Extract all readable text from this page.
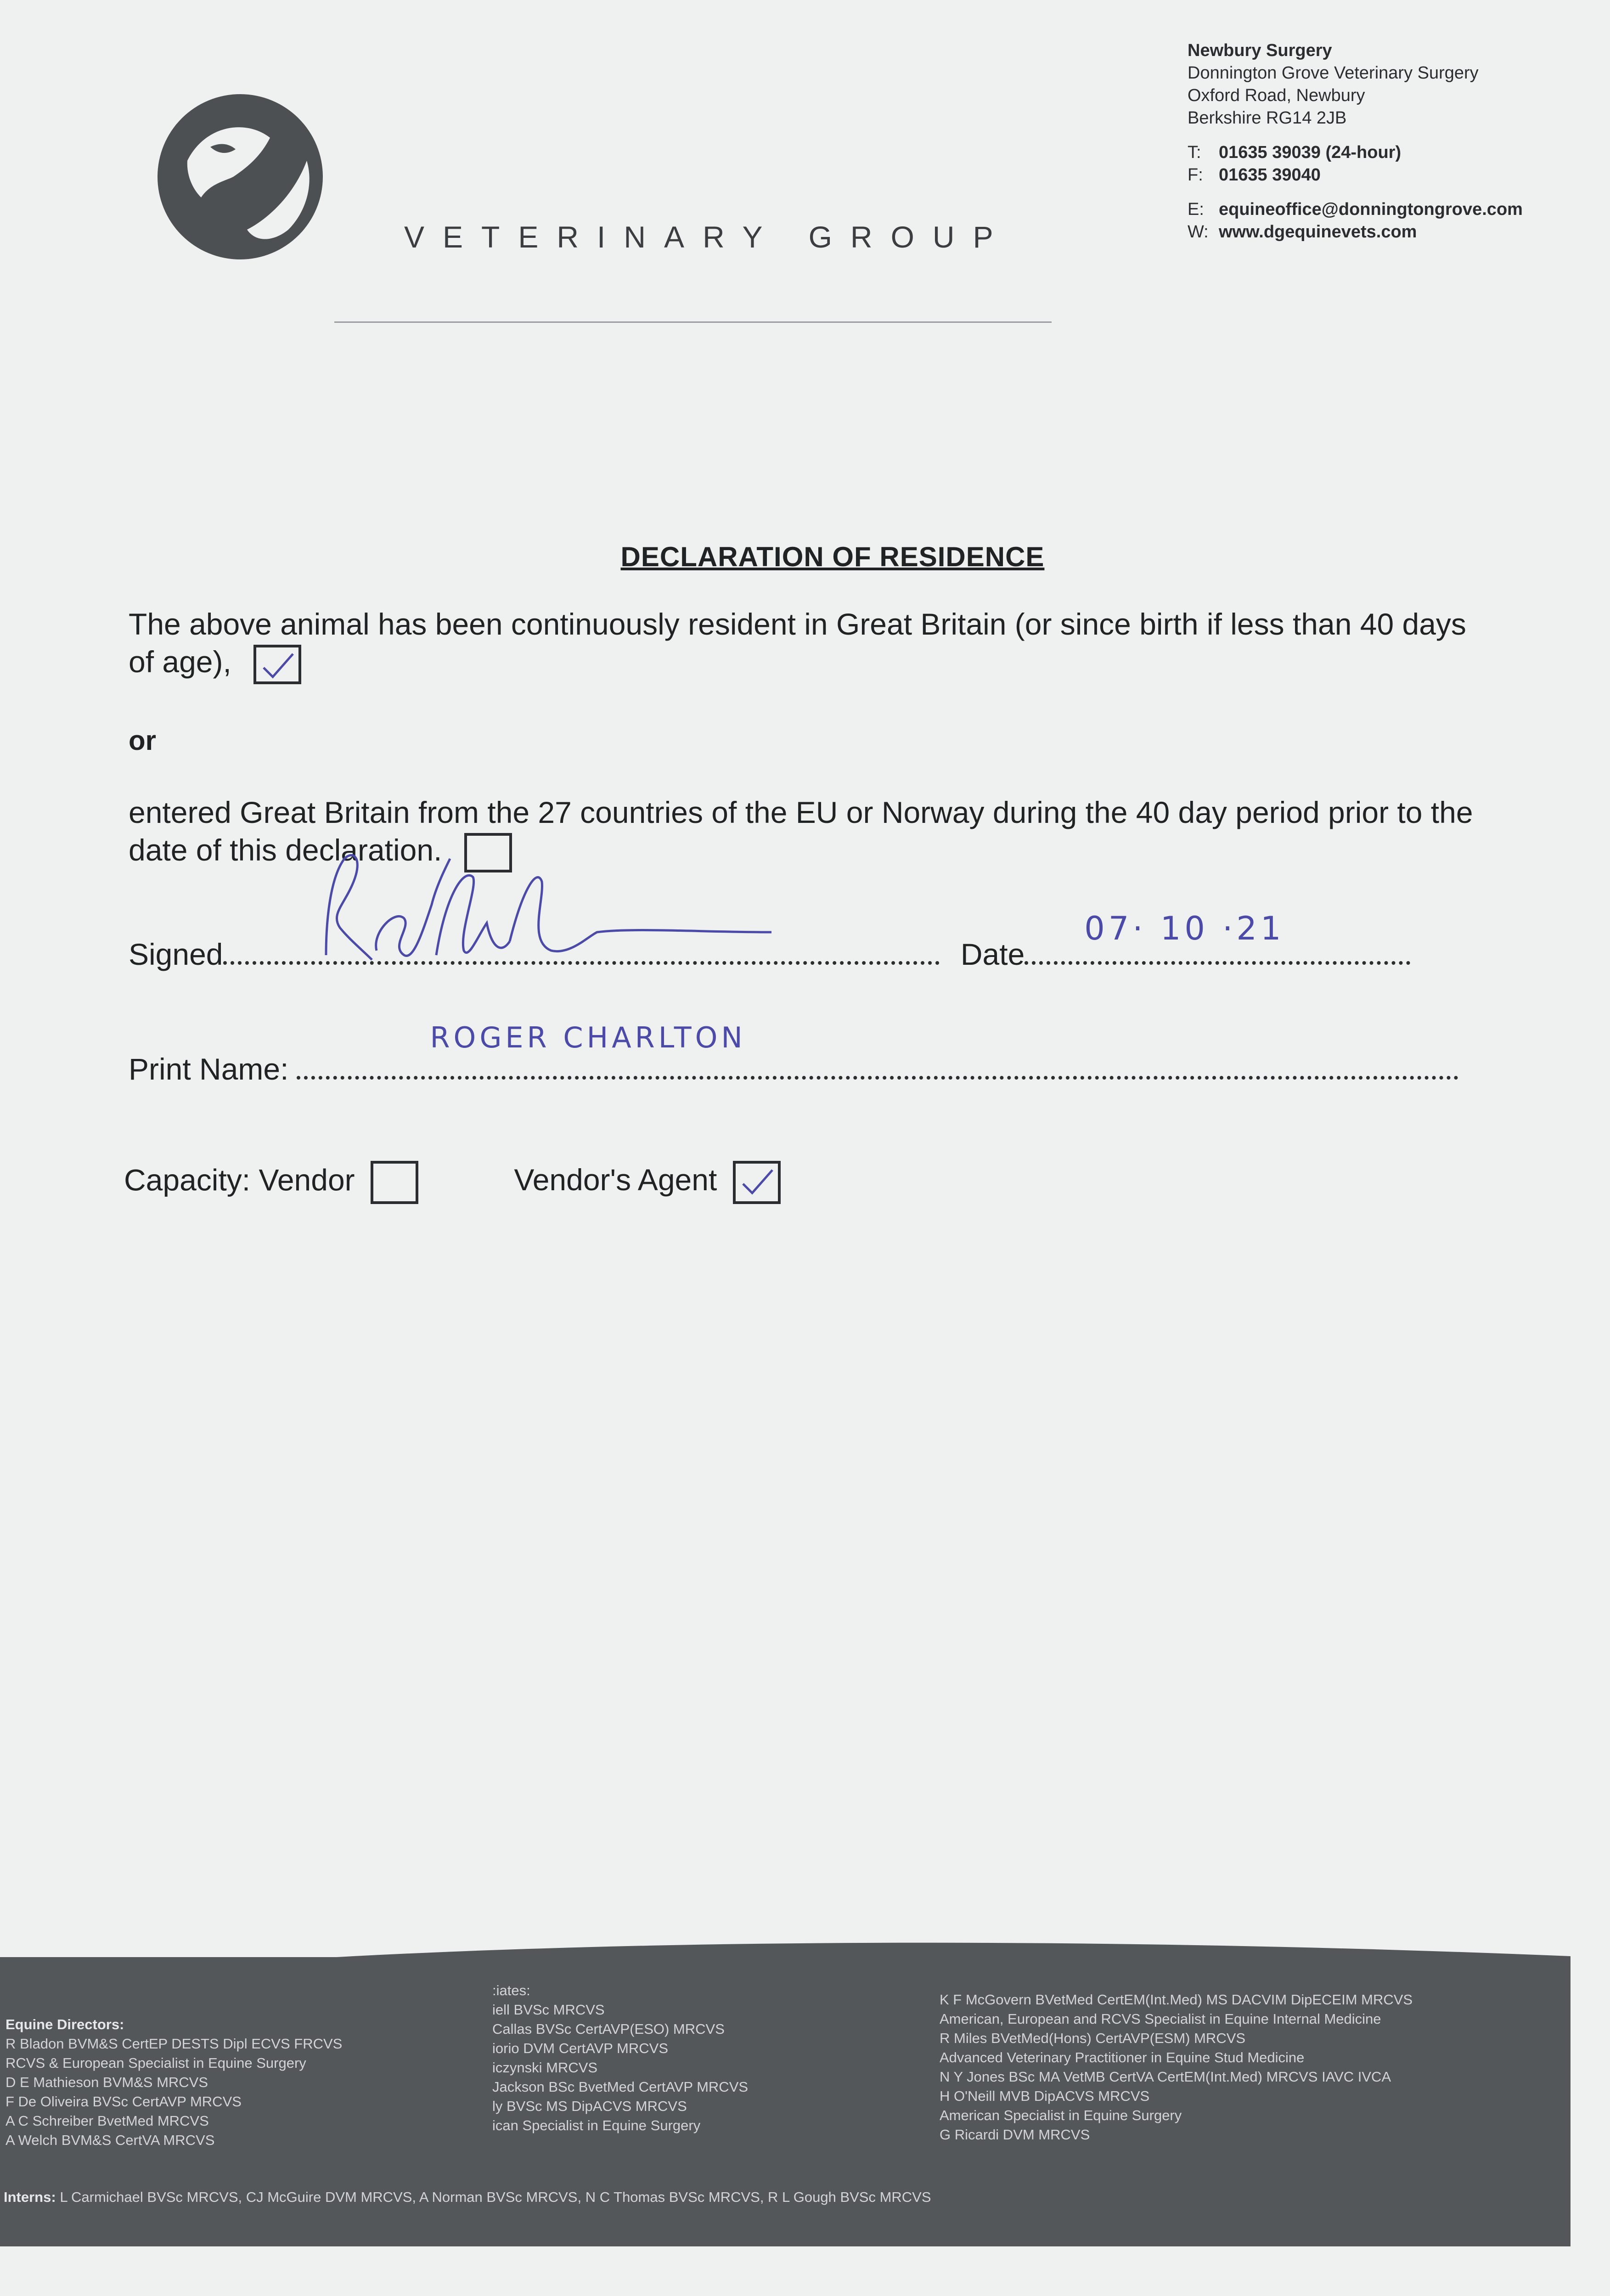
VETERINARY GROUP
Newbury Surgery
Donnington Grove Veterinary Surgery
Oxford Road, Newbury
Berkshire RG14 2JB
T: 01635 39039 (24-hour)
F: 01635 39040
E: equineoffice@donningtongrove.com
W: www.dgequinevets.com
DECLARATION OF RESIDENCE
The above animal has been continuously resident in Great Britain (or since birth if less than 40 days of age),
or
entered Great Britain from the 27 countries of the EU or Norway during the 40 day period prior to the date of this declaration.
Signed	Date
07· 10 ·21
Print Name:
ROGER CHARLTON
Capacity: Vendor	Vendor's Agent
Equine Directors:
R Bladon BVM&S CertEP DESTS Dipl ECVS FRCVS
RCVS & European Specialist in Equine Surgery
D E Mathieson BVM&S MRCVS
F De Oliveira BVSc CertAVP MRCVS
A C Schreiber BvetMed MRCVS
A Welch BVM&S CertVA MRCVS
:iates:
iell BVSc MRCVS
Callas BVSc CertAVP(ESO) MRCVS
iorio DVM CertAVP MRCVS
iczynski MRCVS
Jackson BSc BvetMed CertAVP MRCVS
ly BVSc MS DipACVS MRCVS
ican Specialist in Equine Surgery
K F McGovern BVetMed CertEM(Int.Med) MS DACVIM DipECEIM MRCVS
American, European and RCVS Specialist in Equine Internal Medicine
R Miles BVetMed(Hons) CertAVP(ESM) MRCVS
Advanced Veterinary Practitioner in Equine Stud Medicine
N Y Jones BSc MA VetMB CertVA CertEM(Int.Med) MRCVS IAVC IVCA
H O'Neill MVB DipACVS MRCVS
American Specialist in Equine Surgery
G Ricardi DVM MRCVS
Interns: L Carmichael BVSc MRCVS, CJ McGuire DVM MRCVS, A Norman BVSc MRCVS, N C Thomas BVSc MRCVS, R L Gough BVSc MRCVS
